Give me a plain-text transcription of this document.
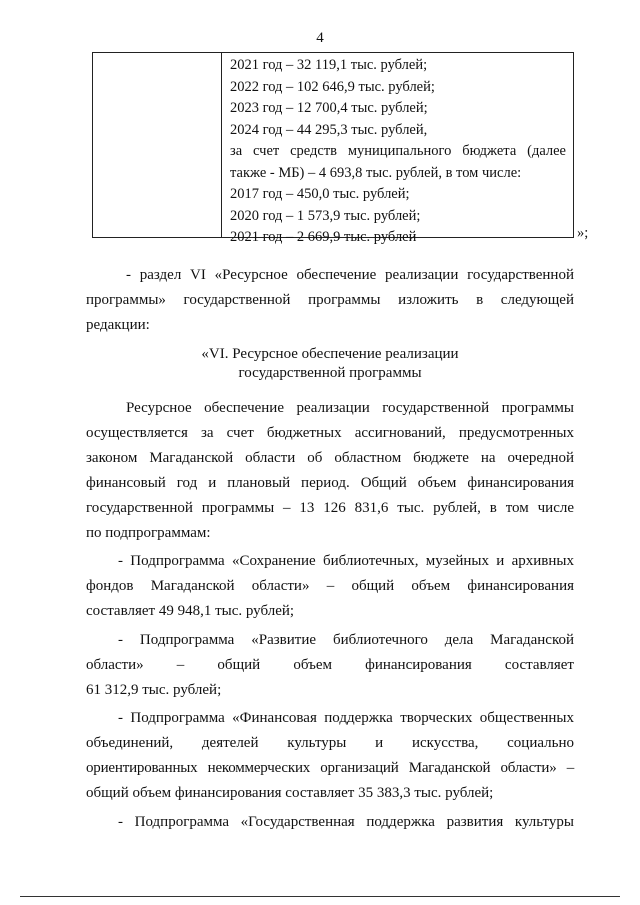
4
2021 год – 32 119,1 тыс. рублей;
2022 год – 102 646,9 тыс. рублей;
2023 год – 12 700,4 тыс. рублей;
2024 год – 44 295,3 тыс. рублей,
за счет средств муниципального бюджета (далее
также - МБ) – 4 693,8 тыс. рублей, в том числе:
2017 год – 450,0 тыс. рублей;
2020 год – 1 573,9 тыс. рублей;
2021 год – 2 669,9 тыс. рублей	»;

- раздел VI «Ресурсное обеспечение реализации государственной

программы» государственной программы изложить в следующей

редакции:

«VI. Ресурсное обеспечение реализации
государственной программы

Ресурсное обеспечение реализации государственной программы

осуществляется за счет бюджетных ассигнований, предусмотренных

законом Магаданской области об областном бюджете на очередной

финансовый год и плановый период. Общий объем финансирования

государственной программы – 13 126 831,6 тыс. рублей, в том числе

по подпрограммам:

- Подпрограмма «Сохранение библиотечных, музейных и архивных

фондов Магаданской области» – общий объем финансирования

составляет 49 948,1 тыс. рублей;

- Подпрограмма «Развитие библиотечного дела Магаданской

области» – общий объем финансирования составляет

61 312,9 тыс. рублей;

- Подпрограмма «Финансовая поддержка творческих общественных

объединений, деятелей культуры и искусства, социально

ориентированных некоммерческих организаций Магаданской области» –

общий объем финансирования составляет 35 383,3 тыс. рублей;

- Подпрограмма «Государственная поддержка развития культуры
